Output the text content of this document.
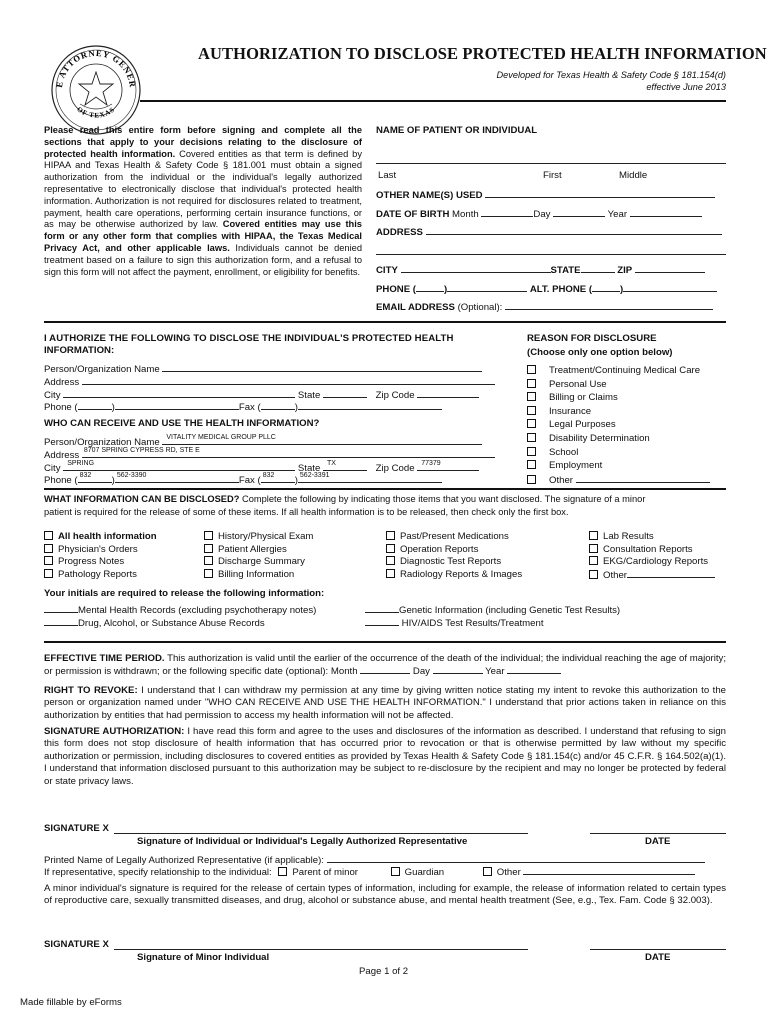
E ATTORNEY GENER
OF TEXAS
AUTHORIZATION TO DISCLOSE PROTECTED HEALTH INFORMATION
Developed for Texas Health & Safety Code § 181.154(d)
effective June 2013
Please read this entire form before signing and complete all the sections that apply to your decisions relating to the disclosure of protected health information. Covered entities as that term is defined by HIPAA and Texas Health & Safety Code § 181.001 must obtain a signed authorization from the individual or the individual's legally authorized representative to electronically disclose that individual's protected health information. Authorization is not required for disclosures related to treatment, payment, health care operations, performing certain insurance functions, or as may be otherwise authorized by law. Covered entities may use this form or any other form that complies with HIPAA, the Texas Medical Privacy Act, and other applicable laws. Individuals cannot be denied treatment based on a failure to sign this authorization form, and a refusal to sign this form will not affect the payment, enrollment, or eligibility for benefits.
NAME OF PATIENT OR INDIVIDUAL
Last	First	Middle
OTHER NAME(S) USED
DATE OF BIRTH Month	Day	Year
ADDRESS
CITY	STATE	ZIP
PHONE (	)	ALT. PHONE (	)
EMAIL ADDRESS (Optional):
I AUTHORIZE THE FOLLOWING TO DISCLOSE THE INDIVIDUAL'S PROTECTED HEALTH
INFORMATION:
Person/Organization Name
Address
City	State	Zip Code
Phone (	)	Fax (	)
WHO CAN RECEIVE AND USE THE HEALTH INFORMATION?
Person/Organization Name VITALITY MEDICAL GROUP PLLC
Address 8707 SPRING CYPRESS RD, STE E
City SPRING	State TX	Zip Code 77379
Phone ( 832 ) 562-3390	Fax ( 832 ) 562-3391
REASON FOR DISCLOSURE
(Choose only one option below)
Treatment/Continuing Medical Care
Personal Use
Billing or Claims
Insurance
Legal Purposes
Disability Determination
School
Employment
Other
WHAT INFORMATION CAN BE DISCLOSED? Complete the following by indicating those items that you want disclosed. The signature of a minor
patient is required for the release of some of these items. If all health information is to be released, then check only the first box.
All health information
Physician's Orders
Progress Notes
Pathology Reports
History/Physical Exam
Patient Allergies
Discharge Summary
Billing Information
Past/Present Medications
Operation Reports
Diagnostic Test Reports
Radiology Reports & Images
Lab Results
Consultation Reports
EKG/Cardiology Reports
Other
Your initials are required to release the following information:
Mental Health Records (excluding psychotherapy notes)
Drug, Alcohol, or Substance Abuse Records
Genetic Information (including Genetic Test Results)
HIV/AIDS Test Results/Treatment
EFFECTIVE TIME PERIOD. This authorization is valid until the earlier of the occurrence of the death of the individual; the individual reaching the age of majority; or permission is withdrawn; or the following specific date (optional): Month	Day	Year
RIGHT TO REVOKE: I understand that I can withdraw my permission at any time by giving written notice stating my intent to revoke this authorization to the person or organization named under "WHO CAN RECEIVE AND USE THE HEALTH INFORMATION." I understand that prior actions taken in reliance on this authorization by entities that had permission to access my health information will not be affected.
SIGNATURE AUTHORIZATION: I have read this form and agree to the uses and disclosures of the information as described. I understand that refusing to sign this form does not stop disclosure of health information that has occurred prior to revocation or that is otherwise permitted by law without my specific authorization or permission, including disclosures to covered entities as provided by Texas Health & Safety Code § 181.154(c) and/or 45 C.F.R. § 164.502(a)(1). I understand that information disclosed pursuant to this authorization may be subject to re-disclosure by the recipient and may no longer be protected by federal or state privacy laws.
SIGNATURE X
Signature of Individual or Individual's Legally Authorized Representative	DATE
Printed Name of Legally Authorized Representative (if applicable):
If representative, specify relationship to the individual: Parent of minor	Guardian	Other
A minor individual's signature is required for the release of certain types of information, including for example, the release of information related to certain types of reproductive care, sexually transmitted diseases, and drug, alcohol or substance abuse, and mental health treatment (See, e.g., Tex. Fam. Code § 32.003).
SIGNATURE X
Signature of Minor Individual	DATE
Page 1 of 2
Made fillable by eForms
